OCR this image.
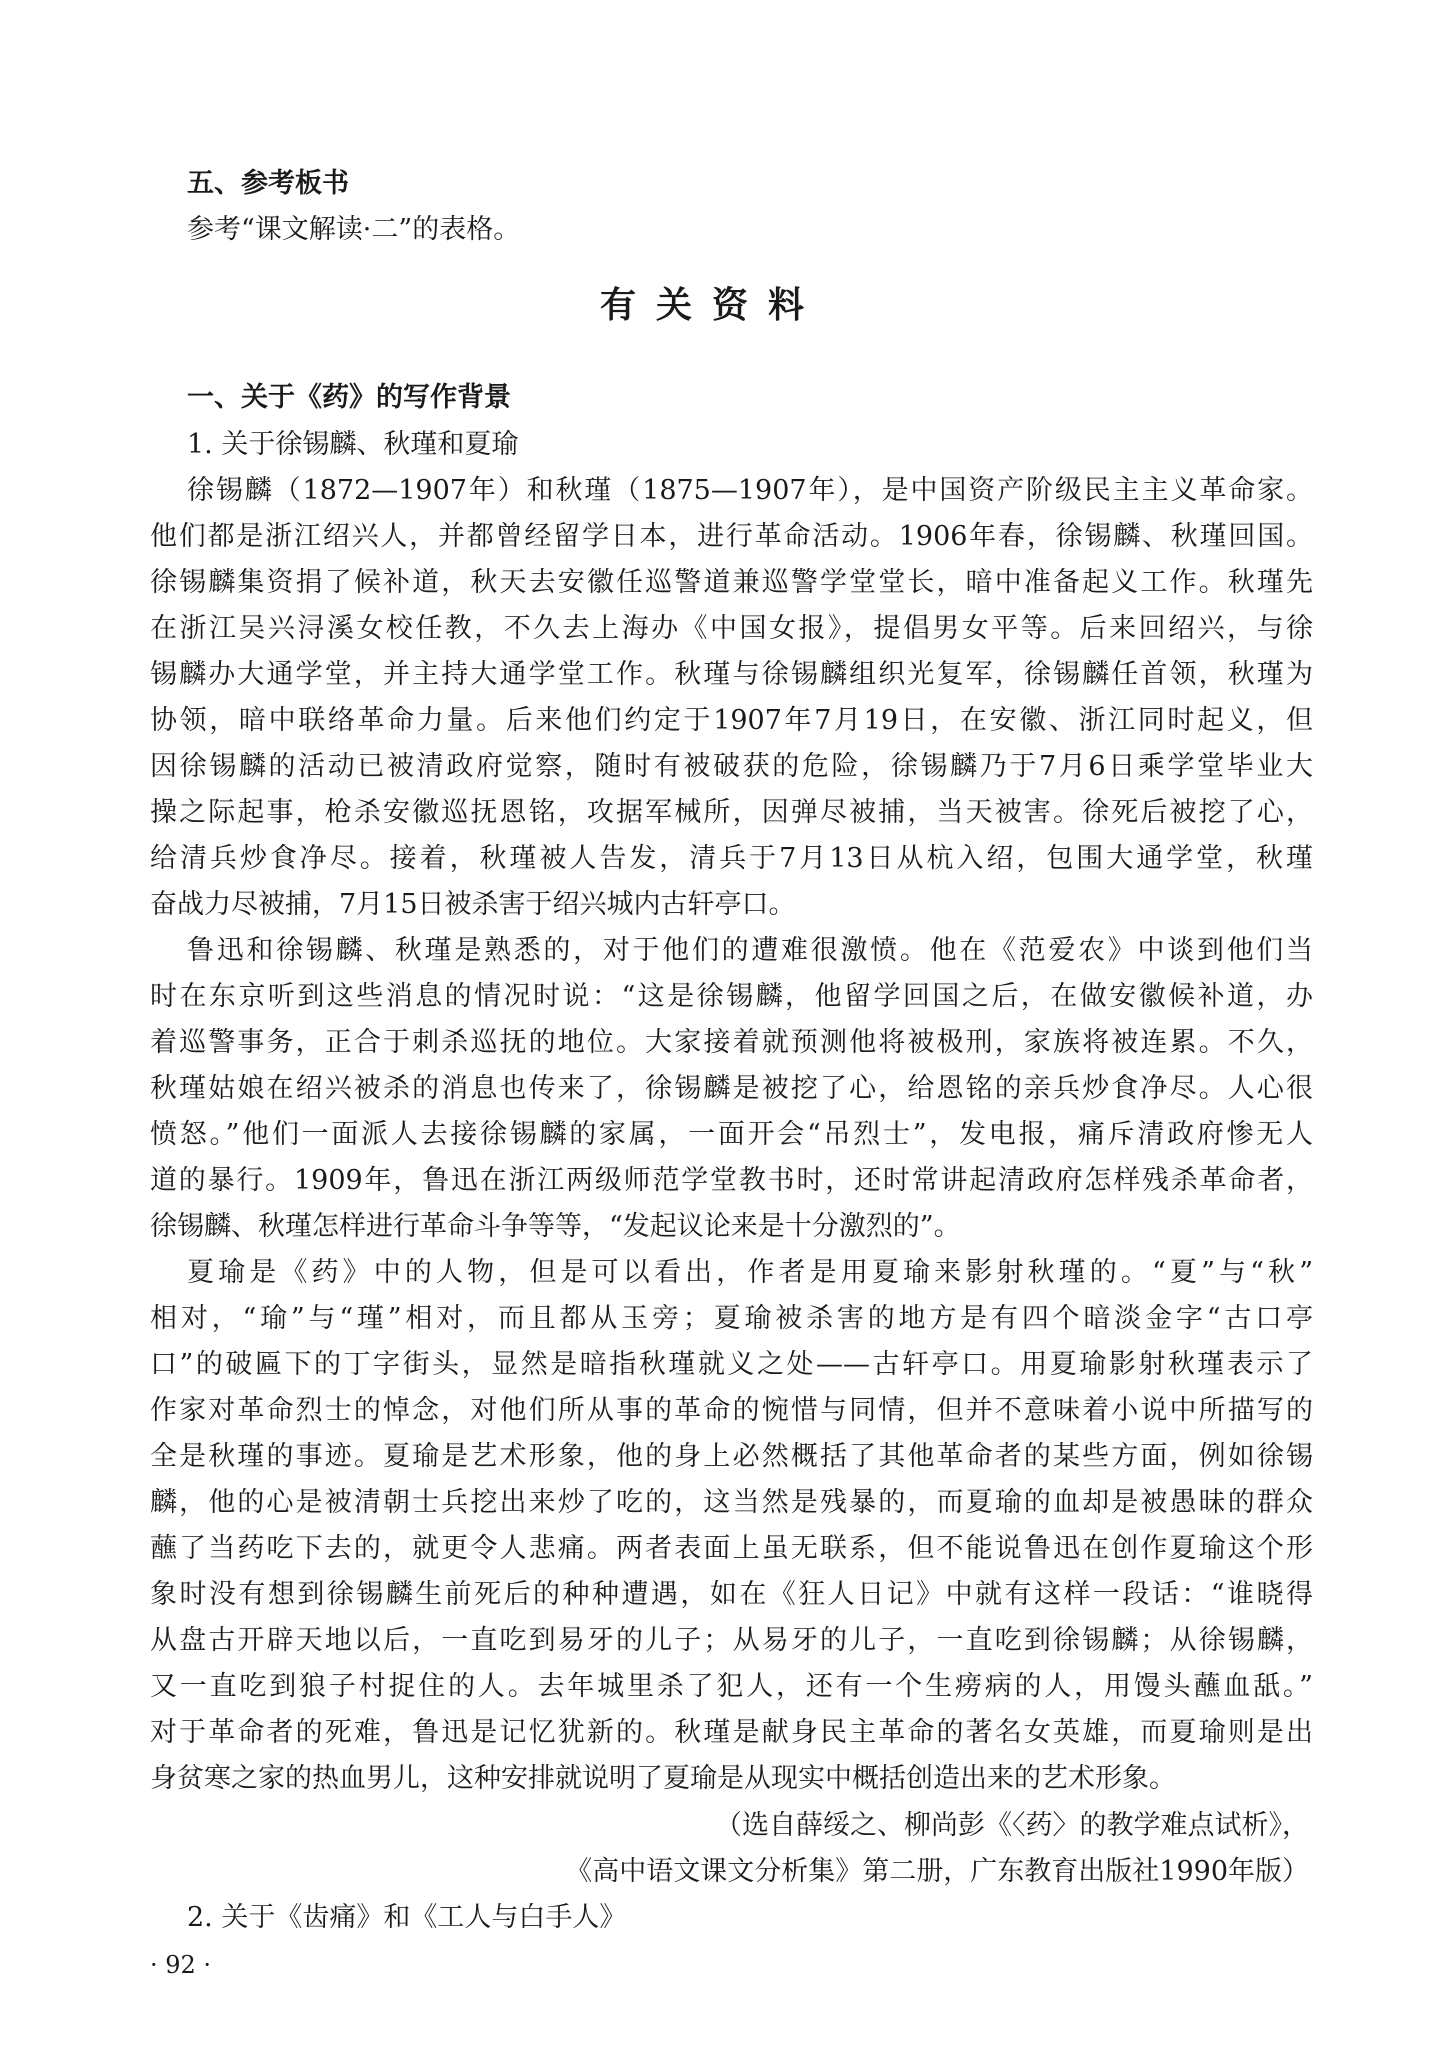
五、参考板书
参考“课文解读·二”的表格。
有关资料
一、关于《药》的写作背景
1. 关于徐锡麟、秋瑾和夏瑜
徐锡麟（1872—1907年）和秋瑾（1875—1907年），是中国资产阶级民主主义革命家。
他们都是浙江绍兴人，并都曾经留学日本，进行革命活动。1906年春，徐锡麟、秋瑾回国。
徐锡麟集资捐了候补道，秋天去安徽任巡警道兼巡警学堂堂长，暗中准备起义工作。秋瑾先
在浙江吴兴浔溪女校任教，不久去上海办《中国女报》，提倡男女平等。后来回绍兴，与徐
锡麟办大通学堂，并主持大通学堂工作。秋瑾与徐锡麟组织光复军，徐锡麟任首领，秋瑾为
协领，暗中联络革命力量。后来他们约定于1907年7月19日，在安徽、浙江同时起义，但
因徐锡麟的活动已被清政府觉察，随时有被破获的危险，徐锡麟乃于7月6日乘学堂毕业大
操之际起事，枪杀安徽巡抚恩铭，攻据军械所，因弹尽被捕，当天被害。徐死后被挖了心，
给清兵炒食净尽。接着，秋瑾被人告发，清兵于7月13日从杭入绍，包围大通学堂，秋瑾
奋战力尽被捕，7月15日被杀害于绍兴城内古轩亭口。
鲁迅和徐锡麟、秋瑾是熟悉的，对于他们的遭难很激愤。他在《范爱农》中谈到他们当
时在东京听到这些消息的情况时说：“这是徐锡麟，他留学回国之后，在做安徽候补道，办
着巡警事务，正合于刺杀巡抚的地位。大家接着就预测他将被极刑，家族将被连累。不久，
秋瑾姑娘在绍兴被杀的消息也传来了，徐锡麟是被挖了心，给恩铭的亲兵炒食净尽。人心很
愤怒。”他们一面派人去接徐锡麟的家属，一面开会“吊烈士”，发电报，痛斥清政府惨无人
道的暴行。1909年，鲁迅在浙江两级师范学堂教书时，还时常讲起清政府怎样残杀革命者，
徐锡麟、秋瑾怎样进行革命斗争等等，“发起议论来是十分激烈的”。
夏瑜是《药》中的人物，但是可以看出，作者是用夏瑜来影射秋瑾的。“夏”与“秋”
相对，“瑜”与“瑾”相对，而且都从玉旁；夏瑜被杀害的地方是有四个暗淡金字“古口亭
口”的破匾下的丁字街头，显然是暗指秋瑾就义之处——古轩亭口。用夏瑜影射秋瑾表示了
作家对革命烈士的悼念，对他们所从事的革命的惋惜与同情，但并不意味着小说中所描写的
全是秋瑾的事迹。夏瑜是艺术形象，他的身上必然概括了其他革命者的某些方面，例如徐锡
麟，他的心是被清朝士兵挖出来炒了吃的，这当然是残暴的，而夏瑜的血却是被愚昧的群众
蘸了当药吃下去的，就更令人悲痛。两者表面上虽无联系，但不能说鲁迅在创作夏瑜这个形
象时没有想到徐锡麟生前死后的种种遭遇，如在《狂人日记》中就有这样一段话：“谁晓得
从盘古开辟天地以后，一直吃到易牙的儿子；从易牙的儿子，一直吃到徐锡麟；从徐锡麟，
又一直吃到狼子村捉住的人。去年城里杀了犯人，还有一个生痨病的人，用馒头蘸血舐。”
对于革命者的死难，鲁迅是记忆犹新的。秋瑾是献身民主革命的著名女英雄，而夏瑜则是出
身贫寒之家的热血男儿，这种安排就说明了夏瑜是从现实中概括创造出来的艺术形象。
（选自薛绥之、柳尚彭《〈药〉的教学难点试析》，
《高中语文课文分析集》第二册，广东教育出版社1990年版）
2. 关于《齿痛》和《工人与白手人》
· 92 ·
